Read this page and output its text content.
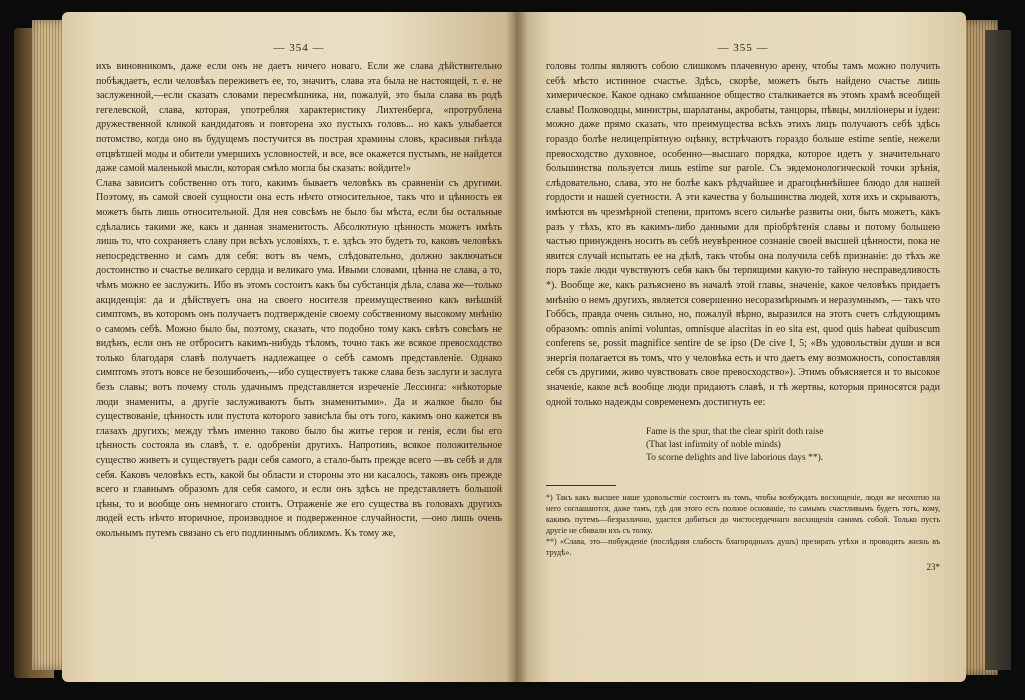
— 354 —
ихъ виновникомъ, даже если онъ не даетъ ничего новаго. Если же слава дѣйствительно побѣждаетъ, если человѣкъ переживетъ ее, то, значитъ, слава эта была не настоящей, т. е. не заслуженной,—если сказать словами пересмѣшника, ни, пожалуй, это была слава въ родѣ гегелевской, слава, которая, употребляя характеристику Лихтенберга, «протрублена дружественной кликой кандидатовъ и повторена эхо пустыхъ головъ... но какъ улыбается потомство, когда оно въ будущемъ постучится въ пострая храмины словъ, красивыя гнѣзда отцвѣтшей моды и обители умершихъ условностей, и все, все окажется пустымъ, не найдется даже самой маленькой мысли, которая смѣло могла бы сказать: войдите!»
Слава зависитъ собственно отъ того, какимъ бываетъ человѣкъ въ сравненіи съ другими. Поэтому, въ самой своей сущности она есть нѣчто относительное, такъ что и цѣнность ея можетъ быть лишь относительной. Для нея совсѣмъ не было бы мѣста, если бы остальные сдѣлались такими же, какъ и данная знаменитость. Абсолютную цѣнность можетъ имѣть лишь то, что сохраняетъ славу при всѣхъ условіяхъ, т. е. здѣсь это будетъ то, каковъ человѣкъ непосредственно и самъ для себя: вотъ въ чемъ, слѣдовательно, должно заключаться достоинство и счастье великаго сердца и великаго ума. Ивыми словами, цѣнна не слава, а то, чѣмъ можно ее заслужить. Ибо въ этомъ состоитъ какъ бы субстанція дѣла, слава же—только акциденція: да и дѣйствуетъ она на своего носителя преимущественно какъ внѣшній симптомъ, въ которомъ онъ получаетъ подтвержденіе своему собственному высокому мнѣнію о самомъ себѣ. Можно было бы, поэтому, сказать, что подобно тому какъ свѣтъ совсѣмъ не видѣнъ, если онъ не отброситъ какимъ-нибудь тѣломъ, точно такъ же всякое превосходство только благодаря славѣ получаетъ надлежащее о себѣ самомъ представленіе. Однако симптомъ этотъ вовсе не безошибоченъ,—ибо существуетъ также слава безъ заслуги и заслуга безъ славы; вотъ почему столь удачнымъ представляется изреченіе Лессинга: «нѣкоторые люди знамениты, а другіе заслуживаютъ быть знаменитыми». Да и жалкое было бы существованіе, цѣнность или пустота которого зависѣла бы отъ того, какимъ оно кажется въ глазахъ другихъ; между тѣмъ именно таково было бы житье героя и генія, если бы его цѣнность состояла въ славѣ, т. е. одобреніи другихъ. Напротивъ, всякое положительное существо живетъ и существуетъ ради себя самого, а стало-быть прежде всего —въ себѣ и для себя. Каковъ человѣкъ есть, какой бы области и стороны это ни касалось, таковъ онъ прежде всего и главнымъ образомъ для себя самого, и если онъ здѣсь не представляетъ большой цѣны, то и вообще онъ немногаго стоитъ. Отраженіе же его существа въ головахъ другихъ людей есть нѣчто вторичное, производное и подверженное случайности, —оно лишь очень окольнымъ путемъ связано съ его подлиннымъ обликомъ. Къ тому же,
— 355 —
головы толпы являютъ собою слишкомъ плачевную арену, чтобы тамъ можно получить себѣ мѣсто истинное счастье. Здѣсь, скорѣе, можетъ быть найдено счастье лишь химерическое. Какое однако смѣшанное общество сталкивается въ этомъ храмѣ всеобщей славы! Полководцы, министры, шарлатаны, акробаты, танцоры, пѣвцы, милліонеры и іудеи: можно даже прямо сказать, что преимущества всѣхъ этихъ лицъ получаютъ себѣ здѣсь гораздо болѣе нелицепріятную оцѣнку, встрѣчаютъ гораздо больше estime sentie, нежели превосходство духовное, особенно—высшаго порядка, которое идетъ у значительнаго большинства пользуется лишь estime sur parole. Съ эвдемонологической точки зрѣнія, слѣдовательно, слава, это не болѣе какъ рѣдчайшее и драгоцѣннѣйшее блюдо для нашей гордости и нашей суетности. А эти качества у большинства людей, хотя ихъ и скрываютъ, имѣются въ чрезмѣрной степени, притомъ всего сильнѣе развиты они, быть можетъ, какъ разъ у тѣхъ, кто въ какимъ-либо данными для пріобрѣтенія славы и потому большею частью принужденъ носить въ себѣ неувѣренное сознаніе своей высшей цѣнности, пока не явится случай испытать ее на дѣлѣ, такъ чтобы она получила себѣ признаніе: до тѣхъ же поръ такіе люди чувствуютъ себя какъ бы терпящими какую-то тайную несправедливость *). Вообще же, какъ разъяснено въ началѣ этой главы, значеніе, какое человѣкъ придаетъ мнѣнію о немъ другихъ, является совершенно несоразмѣрнымъ и неразумнымъ, — такъ что Гоббсъ, правда очень сильно, но, пожалуй вѣрно, выразился на этотъ счетъ слѣдующимъ образомъ: omnis animi voluntas, omnisque alacritas in eo sita est, quod quis habeat quibuscum conferens se, possit magnifice sentire de se ipso (De cive I, 5; «Въ удовольствіи души и вся энергія полагается въ томъ, что у человѣка есть и что даетъ ему возможность, сопоставляя себя съ другими, живо чувствовать свое превосходство»). Этимъ объясняется и то высокое значеніе, какое всѣ вообще люди придаютъ славѣ, и тѣ жертвы, которыя приносятся ради одной только надежды современемъ достигнуть ее:
Fame is the spur, that the clear spirit doth raise
(That last infirmity of noble minds)
To scorne delights and live laborious days **).
*) Такъ какъ высшее наше удовольствіе состоитъ въ томъ, чтобы возбуждать восхищеніе, люди же неохотно на него соглашаются, даже тамъ, гдѣ для этого есть полное основаніе, то самымъ счастливымъ будетъ тотъ, кому, какимъ путемъ—безразлично, удастся добиться до чистосердечнаго восхищенія самимъ собой. Только пусть другіе не сбивали ихъ съ толку.
**) «Слава, это—побужденіе (послѣдняя слабость благородныхъ душъ) презирать утѣхи и проводить жизнь въ трудѣ».
23*
